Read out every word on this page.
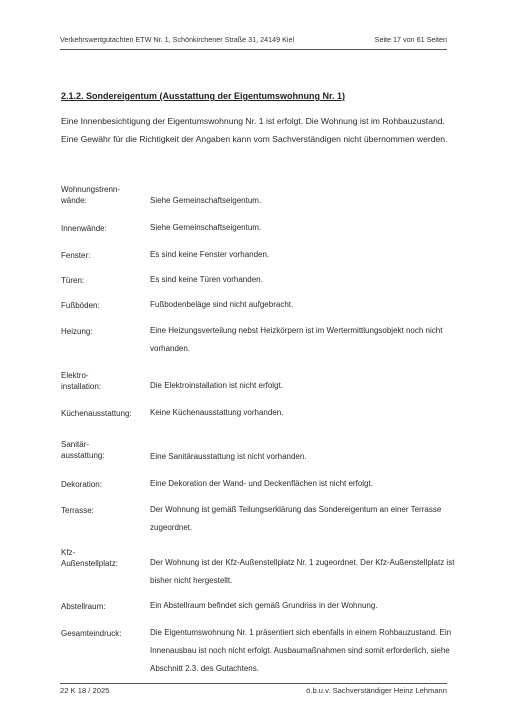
Verkehrswertgutachten ETW Nr. 1, Schönkirchener Straße 31, 24149 Kiel	Seite 17 von 61 Seiten
2.1.2. Sondereigentum (Ausstattung der Eigentumswohnung Nr. 1)
Eine Innenbesichtigung der Eigentumswohnung Nr. 1 ist erfolgt. Die Wohnung ist im Rohbauzustand. Eine Gewähr für die Richtigkeit der Angaben kann vom Sachverständigen nicht übernommen werden.
Wohnungstrenn-
wände:	Siehe Gemeinschaftseigentum.
Innenwände:	Siehe Gemeinschaftseigentum.
Fenster:	Es sind keine Fenster vorhanden.
Türen:	Es sind keine Türen vorhanden.
Fußböden:	Fußbodenbeläge sind nicht aufgebracht.
Heizung:	Eine Heizungsverteilung nebst Heizkörpern ist im Wertermittlungsobjekt noch nicht vorhanden.
Elektro-
installation:	Die Elektroinstallation ist nicht erfolgt.
Küchenausstattung: Keine Küchenausstattung vorhanden.
Sanitär-
ausstattung:	Eine Sanitärausstattung ist nicht vorhanden.
Dekoration:	Eine Dekoration der Wand- und Deckenflächen ist nicht erfolgt.
Terrasse:	Der Wohnung ist gemäß Teilungserklärung das Sondereigentum an einer Terrasse zugeordnet.
Kfz-
Außenstellplatz:	Der Wohnung ist der Kfz-Außenstellplatz Nr. 1 zugeordnet. Der Kfz-Außenstellplatz ist bisher nicht hergestellt.
Abstellraum:	Ein Abstellraum befindet sich gemäß Grundriss in der Wohnung.
Gesamteindruck:	Die Eigentumswohnung Nr. 1 präsentiert sich ebenfalls in einem Rohbauzustand. Ein Innenausbau ist noch nicht erfolgt. Ausbaumaßnahmen sind somit erforderlich, siehe Abschnitt 2.3. des Gutachtens.
22 K 18 / 2025	ö.b.u.v. Sachverständiger Heinz Lehmann
